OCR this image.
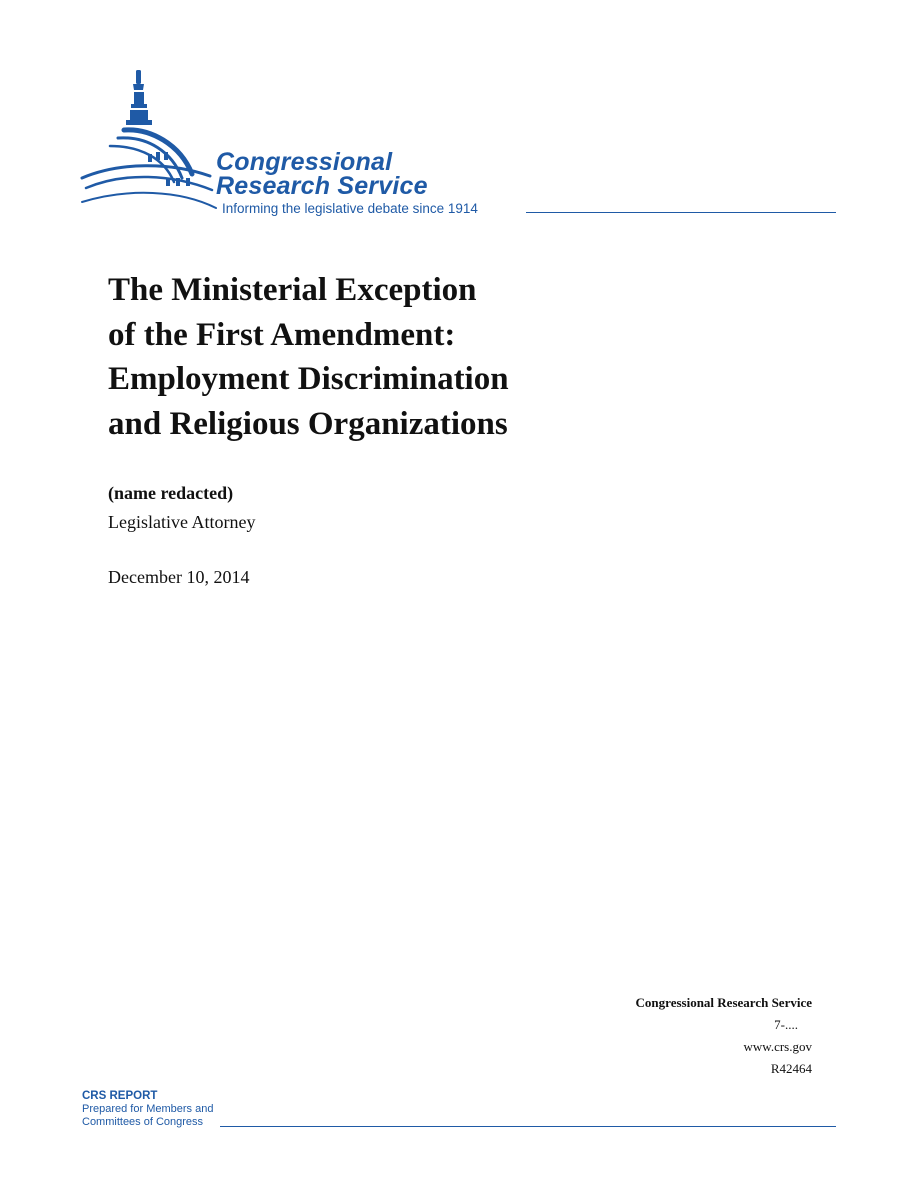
Congressional
Research Service
Informing the legislative debate since 1914
The Ministerial Exception
of the First Amendment:
Employment Discrimination
and Religious Organizations
(name redacted)
Legislative Attorney
December 10, 2014
Congressional Research Service
7-....
www.crs.gov
R42464
CRS REPORT
Prepared for Members and
Committees of Congress
